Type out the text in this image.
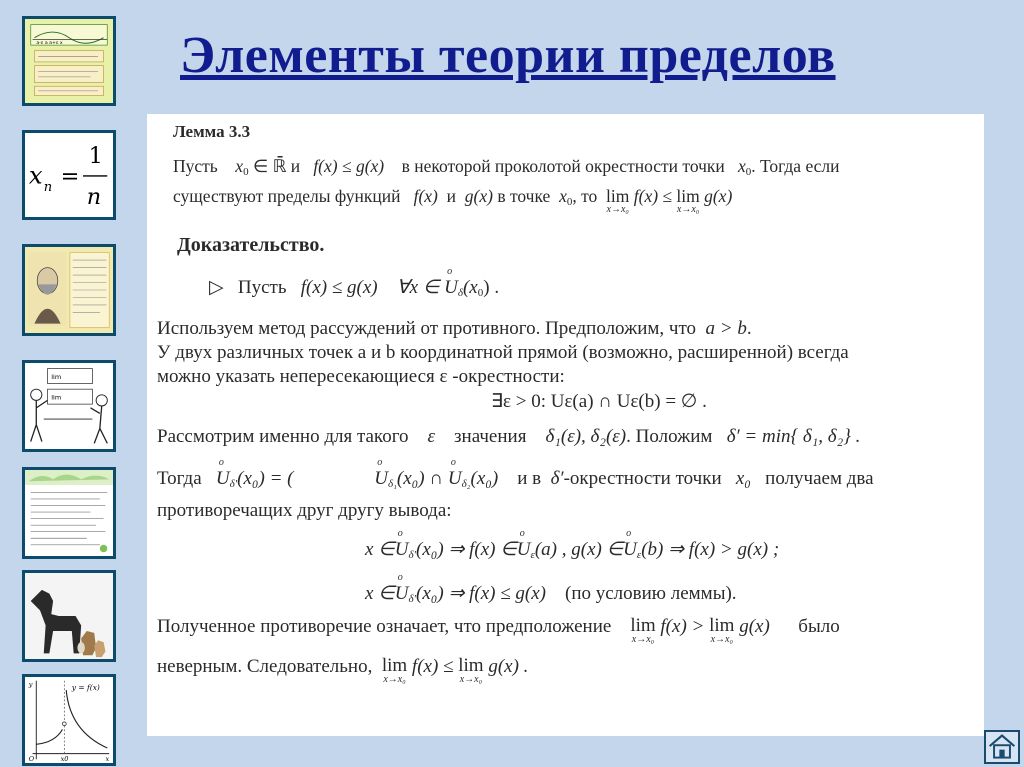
Элементы теории пределов
a-ε a a+ε x
x n =
1
n
lim
lim
y = f(x)
y
O	x0	x
Лемма 3.3
Пусть x0 ∈ ℝ̄ и f(x) ≤ g(x) в некоторой проколотой окрестности точки x0. Тогда если
существуют пределы функций f(x) и g(x) в точке x0, то lim
x→x₀
f(x) ≤ lim
x→x₀
g(x)
Доказательство.
▷ Пусть f(x) ≤ g(x) ∀x ∈ o Uδ(x0) .
Используем метод рассуждений от противного. Предположим, что a > b.
У двух различных точек a и b координатной прямой (возможно, расширенной) всегда
можно указать непересекающиеся ε -окрестности:
∃ε > 0: Uε(a) ∩ Uε(b) = ∅ .
Рассмотрим именно для такого ε значения δ₁(ε), δ₂(ε). Положим δ′ = min{ δ₁, δ₂} .
Тогда o Uδ′(x₀) = (	o Uδ₁(x₀) ∩ o Uδ₂(x₀) и в δ′-окрестности точки x₀ получаем два
противоречащих друг другу вывода:
x ∈o Uδ′(x₀) ⇒ f(x) ∈o Uε(a) , g(x) ∈o Uε(b) ⇒ f(x) > g(x) ;
x ∈o Uδ′(x₀) ⇒ f(x) ≤ g(x) (по условию леммы).
Полученное противоречие означает, что предположение lim
x→x₀
f(x) > lim
x→x₀
g(x) было
неверным. Следовательно, lim
x→x₀
f(x) ≤ lim
x→x₀
g(x) .
